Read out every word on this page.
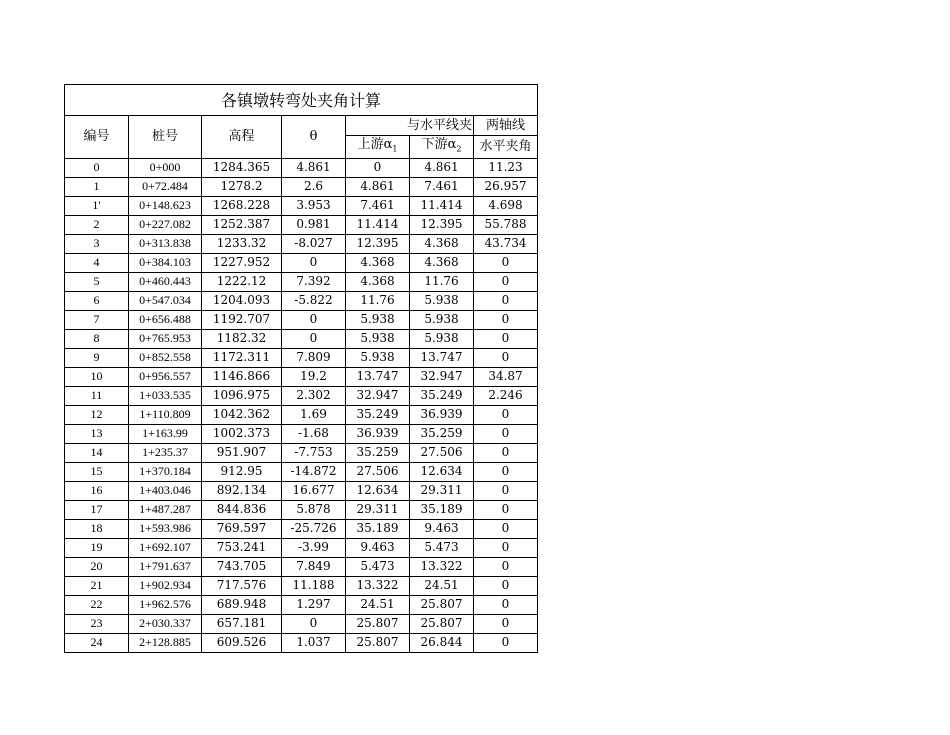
各镇墩转弯处夹角计算						
编号	桩号	高程	θ	与水平线夹		两轴线
				上游$\alpha_1$	下游$\alpha_2$	水平夹角
0	0+000	1284.365	4.861	0	4.861	11.23
1	0+72.484	1278.2	2.6	4.861	7.461	26.957
1'	0+148.623	1268.228	3.953	7.461	11.414	4.698
2	0+227.082	1252.387	0.981	11.414	12.395	55.788
3	0+313.838	1233.32	-8.027	12.395	4.368	43.734
4	0+384.103	1227.952	0	4.368	4.368	0
5	0+460.443	1222.12	7.392	4.368	11.76	0
6	0+547.034	1204.093	-5.822	11.76	5.938	0
7	0+656.488	1192.707	0	5.938	5.938	0
8	0+765.953	1182.32	0	5.938	5.938	0
9	0+852.558	1172.311	7.809	5.938	13.747	0
10	0+956.557	1146.866	19.2	13.747	32.947	34.87
11	1+033.535	1096.975	2.302	32.947	35.249	2.246
12	1+110.809	1042.362	1.69	35.249	36.939	0
13	1+163.99	1002.373	-1.68	36.939	35.259	0
14	1+235.37	951.907	-7.753	35.259	27.506	0
15	1+370.184	912.95	-14.872	27.506	12.634	0
16	1+403.046	892.134	16.677	12.634	29.311	0
17	1+487.287	844.836	5.878	29.311	35.189	0
18	1+593.986	769.597	-25.726	35.189	9.463	0
19	1+692.107	753.241	-3.99	9.463	5.473	0
20	1+791.637	743.705	7.849	5.473	13.322	0
21	1+902.934	717.576	11.188	13.322	24.51	0
22	1+962.576	689.948	1.297	24.51	25.807	0
23	2+030.337	657.181	0	25.807	25.807	0
24	2+128.885	609.526	1.037	25.807	26.844	0
